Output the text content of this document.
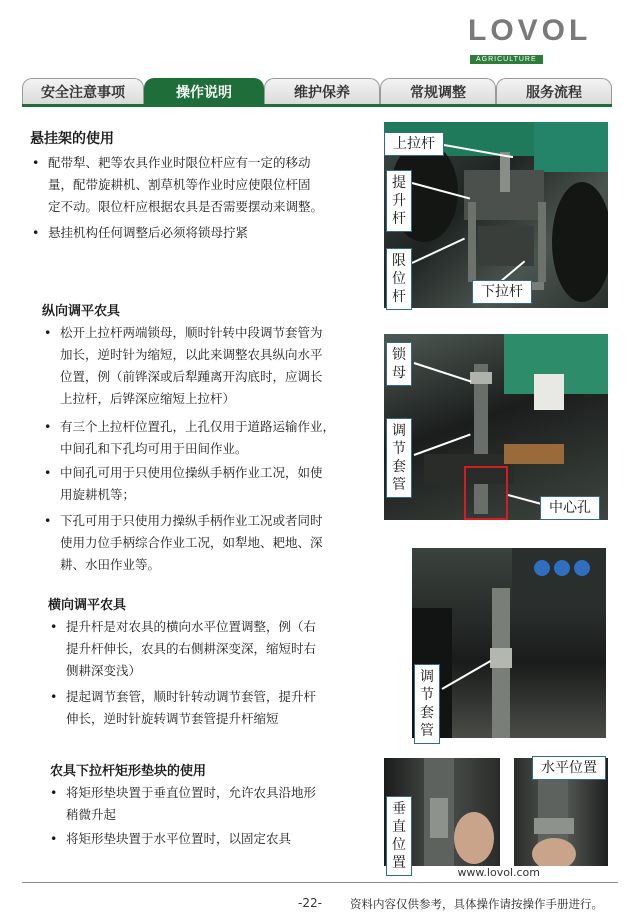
LOVOL
AGRICULTURE
安全注意事项	操作说明	维护保养	常规调整	服务流程
悬挂架的使用
• 配带犁、耙等农具作业时限位杆应有一定的移动
量，配带旋耕机、割草机等作业时应使限位杆固
定不动。限位杆应根据农具是否需要摆动来调整。
• 悬挂机构任何调整后必须将锁母拧紧
纵向调平农具
• 松开上拉杆两端锁母，顺时针转中段调节套管为
加长，逆时针为缩短，以此来调整农具纵向水平
位置，例（前铧深或后犁踵离开沟底时，应调长
上拉杆，后铧深应缩短上拉杆）
• 有三个上拉杆位置孔，上孔仅用于道路运输作业，
中间孔和下孔均可用于田间作业。
• 中间孔可用于只使用位操纵手柄作业工况，如使
用旋耕机等；
• 下孔可用于只使用力操纵手柄作业工况或者同时
使用力位手柄综合作业工况，如犁地、耙地、深
耕、水田作业等。
横向调平农具
• 提升杆是对农具的横向水平位置调整，例（右
提升杆伸长，农具的右侧耕深变深，缩短时右
侧耕深变浅）
• 提起调节套管，顺时针转动调节套管，提升杆
伸长，逆时针旋转调节套管提升杆缩短
农具下拉杆矩形垫块的使用
• 将矩形垫块置于垂直位置时，允许农具沿地形
稍微升起
• 将矩形垫块置于水平位置时，以固定农具
上拉杆
提升杆
限位杆	下拉杆
锁母
调节套管
中心孔
调节套管
垂直位置
水平位置
www.lovol.com
-22- 资料内容仅供参考，具体操作请按操作手册进行。
